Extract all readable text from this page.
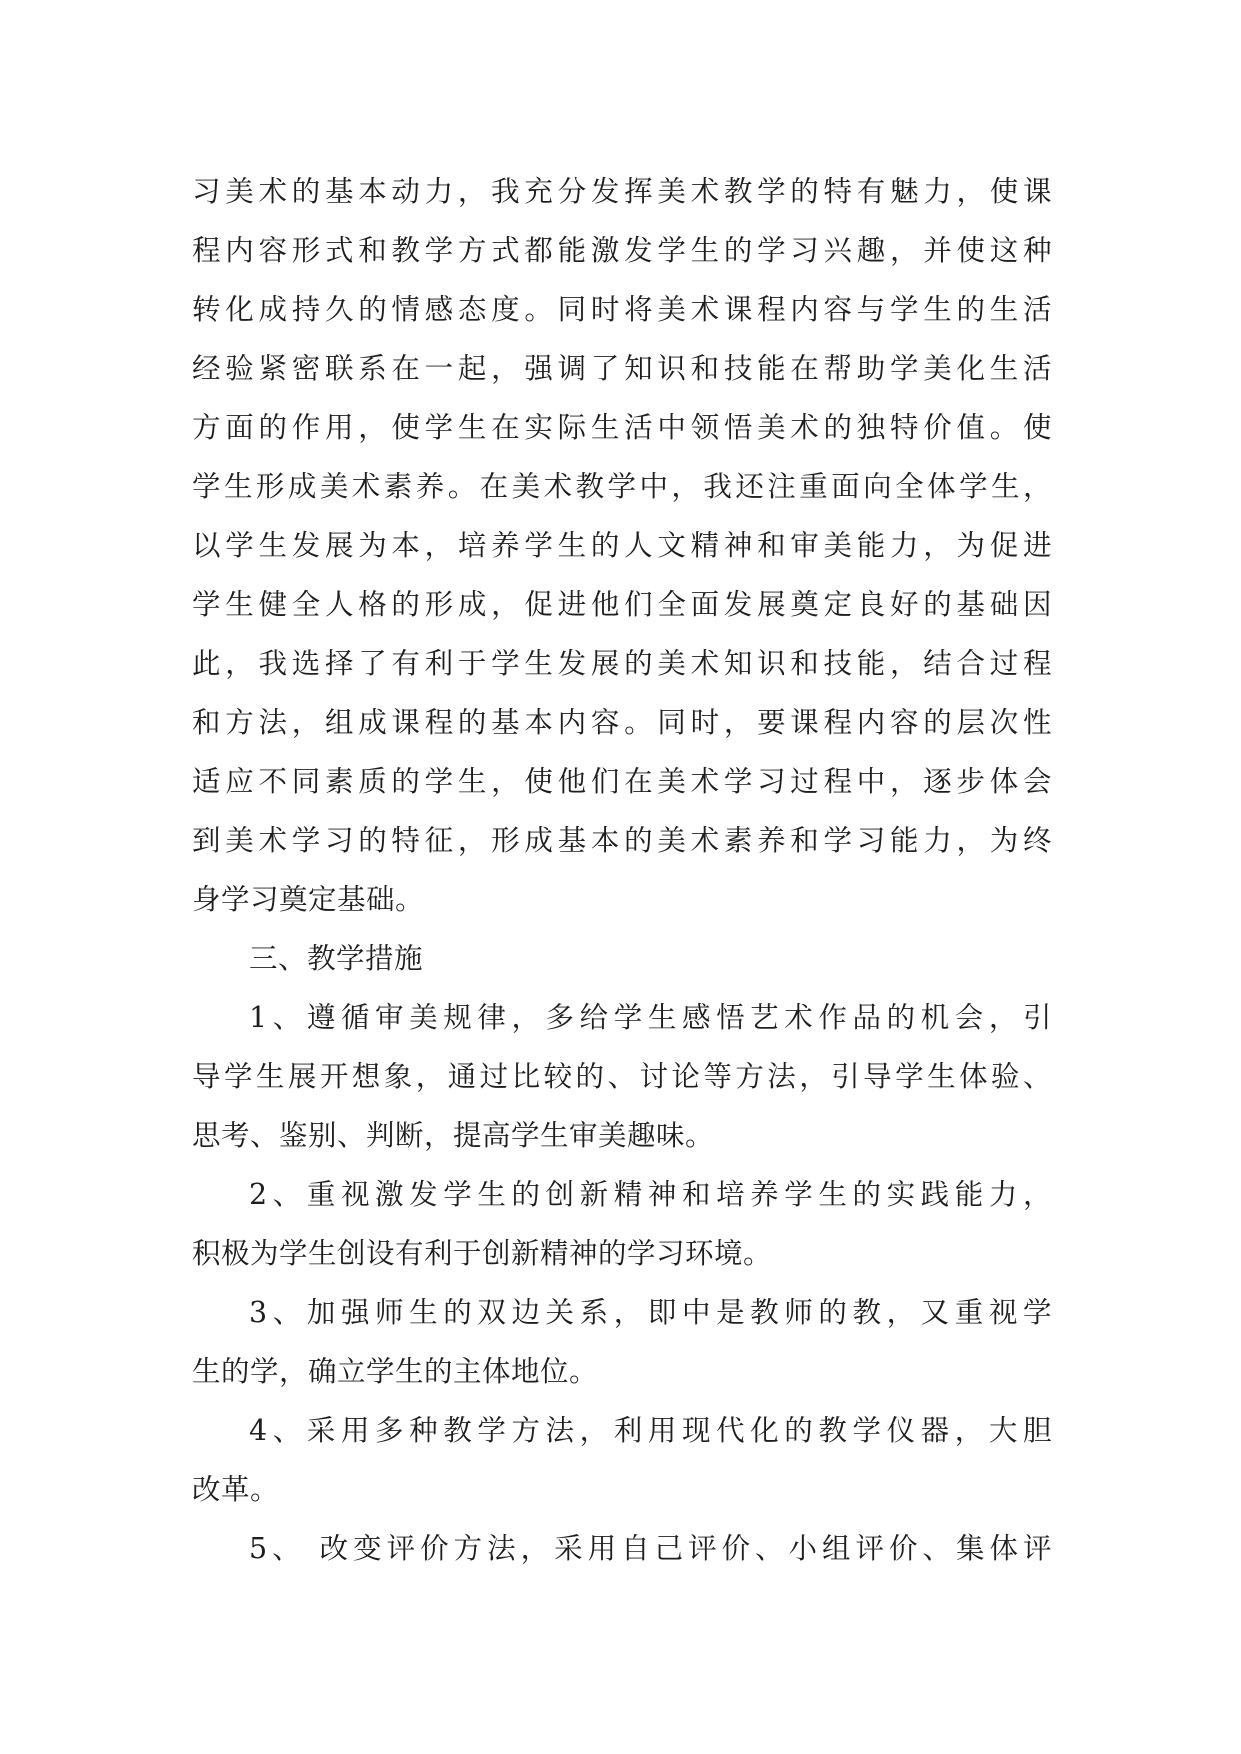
习美术的基本动力，我充分发挥美术教学的特有魅力，使课
程内容形式和教学方式都能激发学生的学习兴趣，并使这种
转化成持久的情感态度。同时将美术课程内容与学生的生活
经验紧密联系在一起，强调了知识和技能在帮助学美化生活
方面的作用，使学生在实际生活中领悟美术的独特价值。使
学生形成美术素养。在美术教学中，我还注重面向全体学生，
以学生发展为本，培养学生的人文精神和审美能力，为促进
学生健全人格的形成，促进他们全面发展奠定良好的基础因
此，我选择了有利于学生发展的美术知识和技能，结合过程
和方法，组成课程的基本内容。同时，要课程内容的层次性
适应不同素质的学生，使他们在美术学习过程中，逐步体会
到美术学习的特征，形成基本的美术素养和学习能力，为终
身学习奠定基础。
三、教学措施
1、遵循审美规律，多给学生感悟艺术作品的机会，引
导学生展开想象，通过比较的、讨论等方法，引导学生体验、
思考、鉴别、判断，提高学生审美趣味。
2、重视激发学生的创新精神和培养学生的实践能力，
积极为学生创设有利于创新精神的学习环境。
3、加强师生的双边关系，即中是教师的教，又重视学
生的学，确立学生的主体地位。
4、采用多种教学方法，利用现代化的教学仪器，大胆
改革。
5、 改变评价方法，采用自己评价、小组评价、集体评
